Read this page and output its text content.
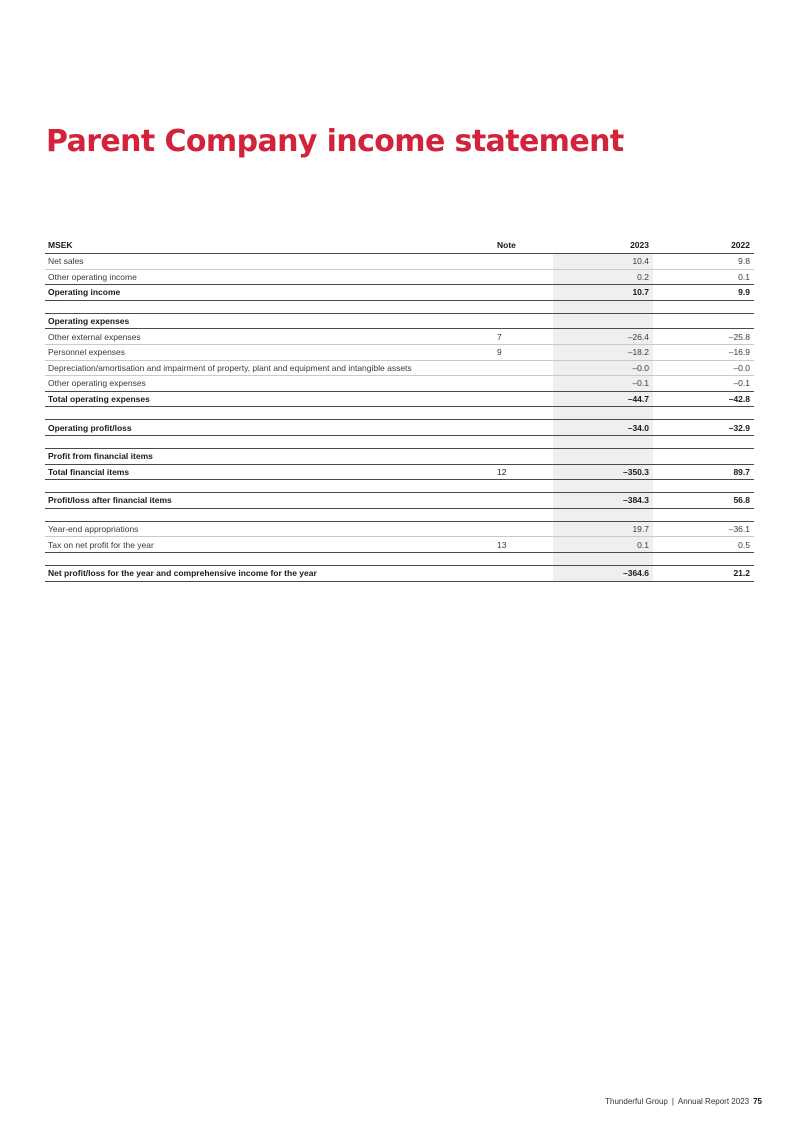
Parent Company income statement
MSEK	Note	2023	2022
Net sales		10.4	9.8
Other operating income		0.2	0.1
Operating income		10.7	9.9

Operating expenses			
Other external expenses	7	–26.4	–25.8
Personnel expenses	9	–18.2	–16.9
Depreciation/amortisation and impairment of property, plant and equipment and intangible assets		–0.0	–0.0
Other operating expenses		–0.1	–0.1
Total operating expenses		–44.7	–42.8

Operating profit/loss		–34.0	–32.9

Profit from financial items			
Total financial items	12	–350.3	89.7

Profit/loss after financial items		–384.3	56.8

Year-end appropriations		19.7	–36.1
Tax on net profit for the year	13	0.1	0.5

Net profit/loss for the year and comprehensive income for the year		–364.6	21.2
Thunderful Group | Annual Report 2023 75
